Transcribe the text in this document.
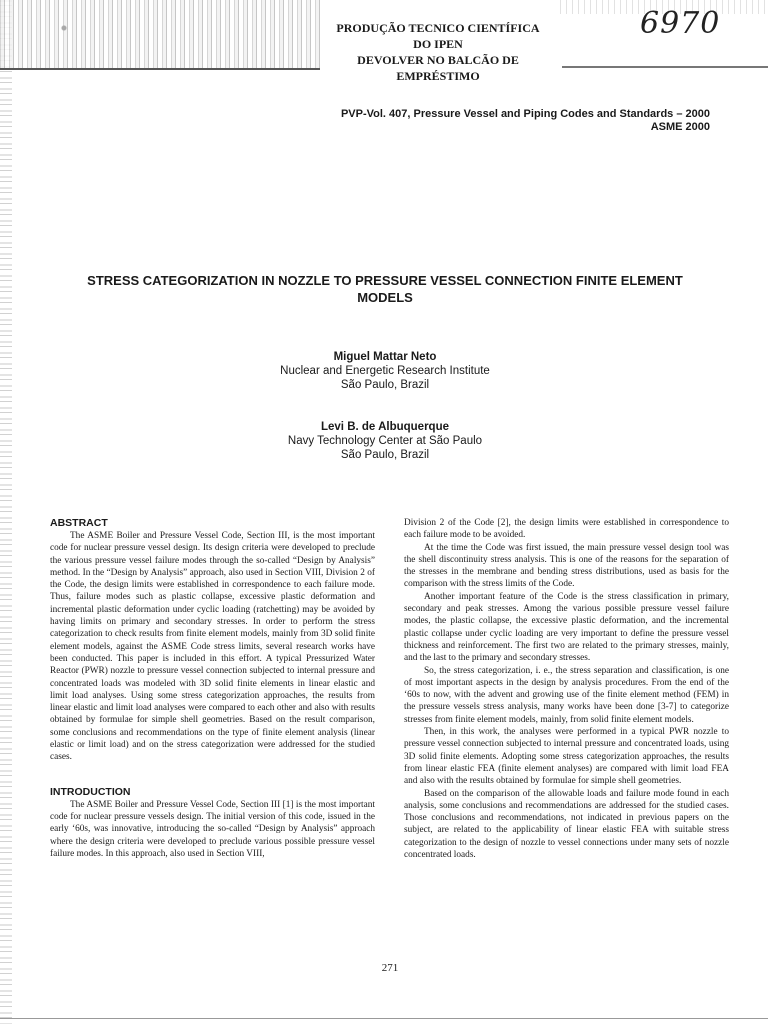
PRODUÇÃO TECNICO CIENTÍFICA
DO IPEN
DEVOLVER NO BALCÃO DE
EMPRÉSTIMO
6970
PVP-Vol. 407, Pressure Vessel and Piping Codes and Standards – 2000
ASME 2000
STRESS CATEGORIZATION IN NOZZLE TO PRESSURE VESSEL CONNECTION FINITE ELEMENT
MODELS
Miguel Mattar Neto
Nuclear and Energetic Research Institute
São Paulo, Brazil
Levi B. de Albuquerque
Navy Technology Center at São Paulo
São Paulo, Brazil
ABSTRACT

The ASME Boiler and Pressure Vessel Code, Section III, is the most important code for nuclear pressure vessel design. Its design criteria were developed to preclude the various pressure vessel failure modes through the so-called “Design by Analysis” method. In the “Design by Analysis” approach, also used in Section VIII, Division 2 of the Code, the design limits were established in correspondence to each failure mode. Thus, failure modes such as plastic collapse, excessive plastic deformation and incremental plastic deformation under cyclic loading (ratchetting) may be avoided by having limits on primary and secondary stresses. In order to perform the stress categorization to check results from finite element models, mainly from 3D solid finite element models, against the ASME Code stress limits, several research works have been conducted. This paper is included in this effort. A typical Pressurized Water Reactor (PWR) nozzle to pressure vessel connection subjected to internal pressure and concentrated loads was modeled with 3D solid finite elements in linear elastic and limit load analyses. Using some stress categorization approaches, the results from linear elastic and limit load analyses were compared to each other and also with results obtained by formulae for simple shell geometries. Based on the result comparison, some conclusions and recommendations on the type of finite element analysis (linear elastic or limit load) and on the stress categorization were addressed for the studied cases.

INTRODUCTION

The ASME Boiler and Pressure Vessel Code, Section III [1] is the most important code for nuclear pressure vessels design. The initial version of this code, issued in the early ‘60s, was innovative, introducing the so-called “Design by Analysis” approach where the design criteria were developed to preclude various possible pressure vessel failure modes. In this approach, also used in Section VIII,

Division 2 of the Code [2], the design limits were established in correspondence to each failure mode to be avoided.

At the time the Code was first issued, the main pressure vessel design tool was the shell discontinuity stress analysis. This is one of the reasons for the separation of the stresses in the membrane and bending stress distributions, used as basis for the comparison with the stress limits of the Code.

Another important feature of the Code is the stress classification in primary, secondary and peak stresses. Among the various possible pressure vessel failure modes, the plastic collapse, the excessive plastic deformation, and the incremental plastic collapse under cyclic loading are very important to define the pressure vessel thickness and reinforcement. The first two are related to the primary stresses, mainly, and the last to the primary and secondary stresses.

So, the stress categorization, i. e., the stress separation and classification, is one of most important aspects in the design by analysis procedures. From the end of the ‘60s to now, with the advent and growing use of the finite element method (FEM) in the pressure vessels stress analysis, many works have been done [3-7] to categorize stresses from finite element models, mainly, from solid finite element models.

Then, in this work, the analyses were performed in a typical PWR nozzle to pressure vessel connection subjected to internal pressure and concentrated loads, using 3D solid finite elements. Adopting some stress categorization approaches, the results from linear elastic FEA (finite element analyses) are compared with limit load FEA and also with the results obtained by formulae for simple shell geometries.

Based on the comparison of the allowable loads and failure mode found in each analysis, some conclusions and recommendations are addressed for the studied cases. Those conclusions and recommendations, not indicated in previous papers on the subject, are related to the applicability of linear elastic FEA with suitable stress categorization to the design of nozzle to vessel connections under many sets of nozzle concentrated loads.

271
